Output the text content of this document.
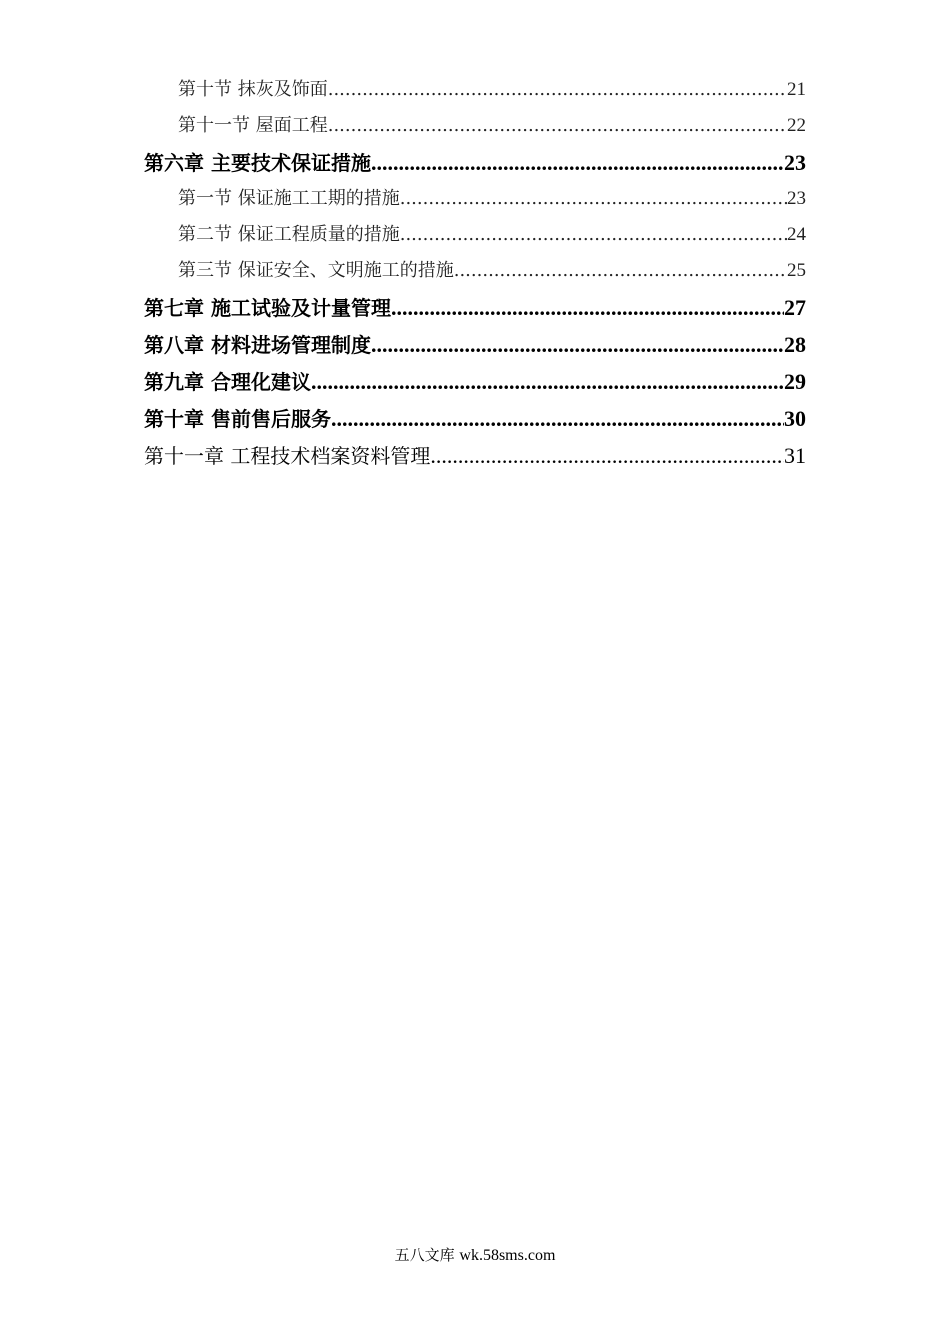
第十节 抹灰及饰面 .....	21
第十一节 屋面工程 .....	22
第六章 主要技术保证措施 .....	23
第一节 保证施工工期的措施 .....	23
第二节 保证工程质量的措施 .....	24
第三节 保证安全、文明施工的措施 .....	25
第七章 施工试验及计量管理 .....	27
第八章 材料进场管理制度 .....	28
第九章 合理化建议 .....	29
第十章 售前售后服务 .....	30
第十一章 工程技术档案资料管理 .....	31
五八文库 wk.58sms.com
